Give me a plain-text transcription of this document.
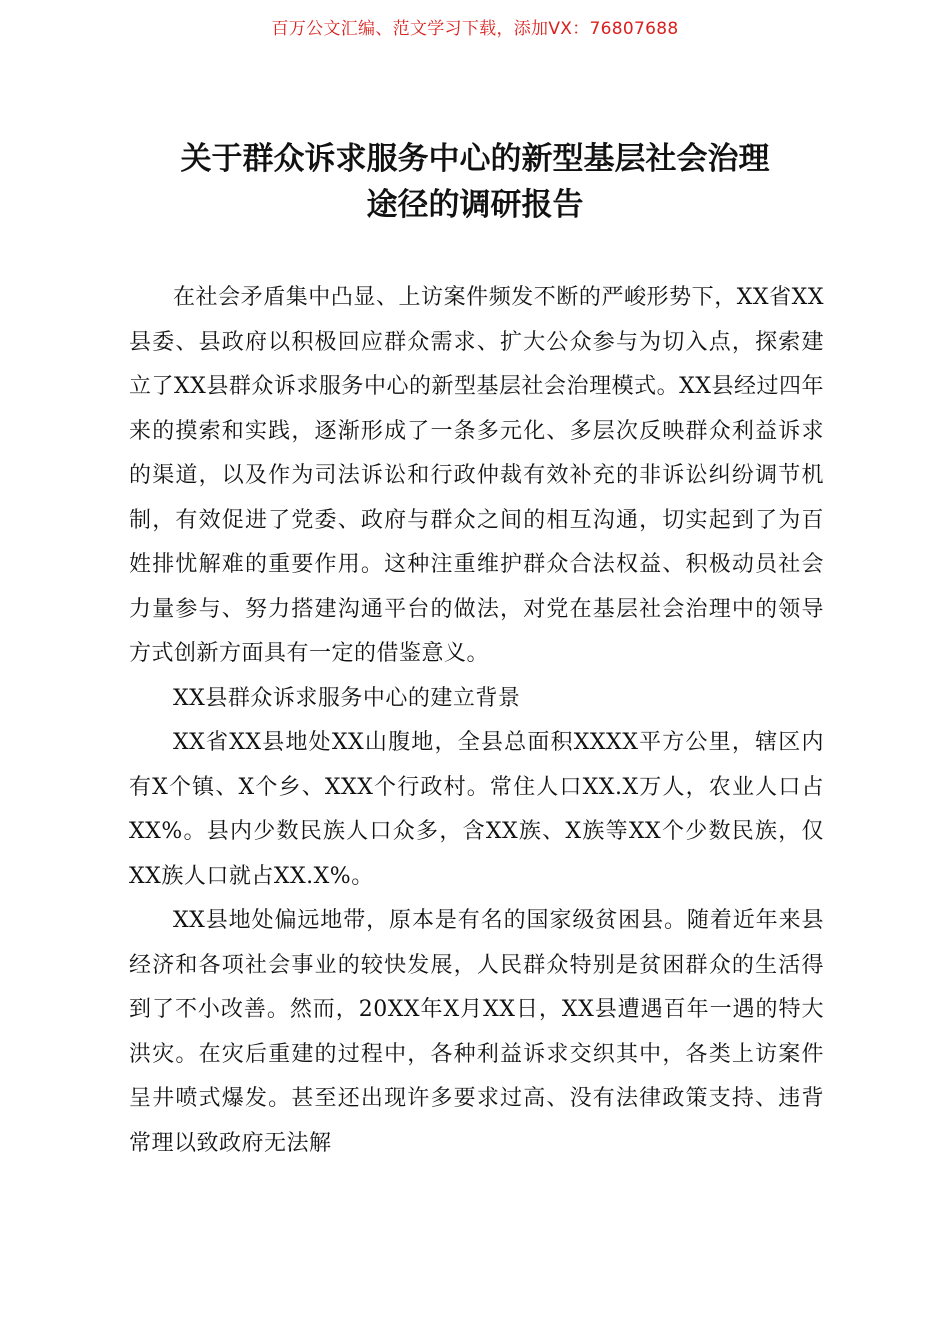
百万公文汇编、范文学习下载，添加VX：76807688
关于群众诉求服务中心的新型基层社会治理
途径的调研报告

在社会矛盾集中凸显、上访案件频发不断的严峻形势下，XX省XX县委、县政府以积极回应群众需求、扩大公众参与为切入点，探索建立了XX县群众诉求服务中心的新型基层社会治理模式。XX县经过四年来的摸索和实践，逐渐形成了一条多元化、多层次反映群众利益诉求的渠道，以及作为司法诉讼和行政仲裁有效补充的非诉讼纠纷调节机制，有效促进了党委、政府与群众之间的相互沟通，切实起到了为百姓排忧解难的重要作用。这种注重维护群众合法权益、积极动员社会力量参与、努力搭建沟通平台的做法，对党在基层社会治理中的领导方式创新方面具有一定的借鉴意义。

XX县群众诉求服务中心的建立背景

XX省XX县地处XX山腹地，全县总面积XXXX平方公里，辖区内有X个镇、X个乡、XXX个行政村。常住人口XX.X万人，农业人口占XX%。县内少数民族人口众多，含XX族、X族等XX个少数民族，仅XX族人口就占XX.X%。

XX县地处偏远地带，原本是有名的国家级贫困县。随着近年来县经济和各项社会事业的较快发展，人民群众特别是贫困群众的生活得到了不小改善。然而，20XX年X月XX日，XX县遭遇百年一遇的特大洪灾。在灾后重建的过程中，各种利益诉求交织其中，各类上访案件呈井喷式爆发。甚至还出现许多要求过高、没有法律政策支持、违背常理以致政府无法解
